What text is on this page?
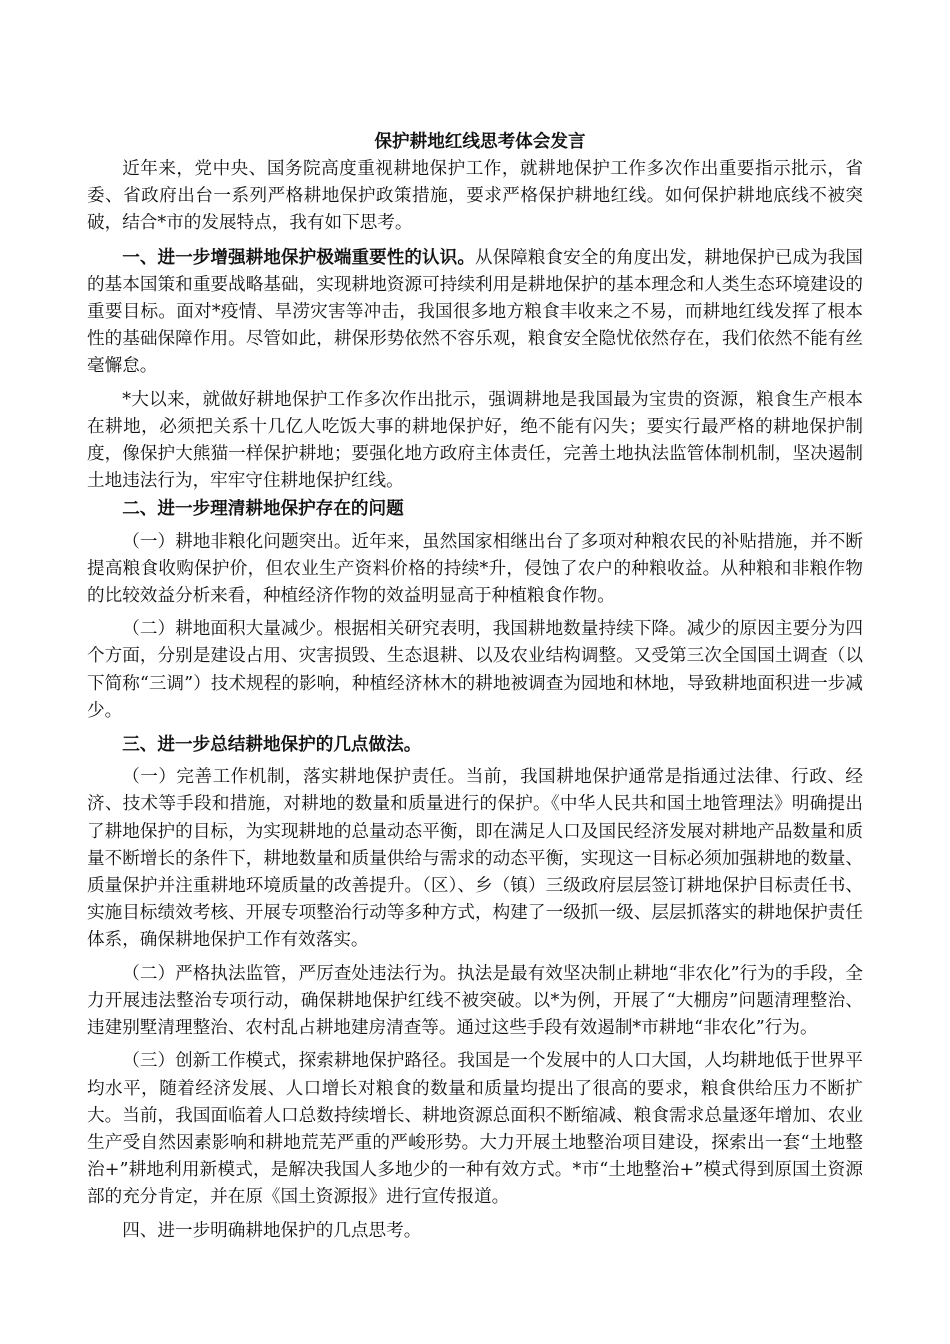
保护耕地红线思考体会发言

近年来，党中央、国务院高度重视耕地保护工作，就耕地保护工作多次作出重要指示批示，省委、省政府出台一系列严格耕地保护政策措施，要求严格保护耕地红线。如何保护耕地底线不被突破，结合*市的发展特点，我有如下思考。

一、进一步增强耕地保护极端重要性的认识。从保障粮食安全的角度出发，耕地保护已成为我国的基本国策和重要战略基础，实现耕地资源可持续利用是耕地保护的基本理念和人类生态环境建设的重要目标。面对*疫情、旱涝灾害等冲击，我国很多地方粮食丰收来之不易，而耕地红线发挥了根本性的基础保障作用。尽管如此，耕保形势依然不容乐观，粮食安全隐忧依然存在，我们依然不能有丝毫懈怠。

*大以来，就做好耕地保护工作多次作出批示，强调耕地是我国最为宝贵的资源，粮食生产根本在耕地，必须把关系十几亿人吃饭大事的耕地保护好，绝不能有闪失；要实行最严格的耕地保护制度，像保护大熊猫一样保护耕地；要强化地方政府主体责任，完善土地执法监管体制机制，坚决遏制土地违法行为，牢牢守住耕地保护红线。

二、进一步理清耕地保护存在的问题

（一）耕地非粮化问题突出。近年来，虽然国家相继出台了多项对种粮农民的补贴措施，并不断提高粮食收购保护价，但农业生产资料价格的持续*升，侵蚀了农户的种粮收益。从种粮和非粮作物的比较效益分析来看，种植经济作物的效益明显高于种植粮食作物。

（二）耕地面积大量减少。根据相关研究表明，我国耕地数量持续下降。减少的原因主要分为四个方面，分别是建设占用、灾害损毁、生态退耕、以及农业结构调整。又受第三次全国国土调查（以下简称“三调”）技术规程的影响，种植经济林木的耕地被调查为园地和林地，导致耕地面积进一步减少。

三、进一步总结耕地保护的几点做法。

（一）完善工作机制，落实耕地保护责任。当前，我国耕地保护通常是指通过法律、行政、经济、技术等手段和措施，对耕地的数量和质量进行的保护。《中华人民共和国土地管理法》明确提出了耕地保护的目标，为实现耕地的总量动态平衡，即在满足人口及国民经济发展对耕地产品数量和质量不断增长的条件下，耕地数量和质量供给与需求的动态平衡，实现这一目标必须加强耕地的数量、质量保护并注重耕地环境质量的改善提升。（区）、乡（镇）三级政府层层签订耕地保护目标责任书、实施目标绩效考核、开展专项整治行动等多种方式，构建了一级抓一级、层层抓落实的耕地保护责任体系，确保耕地保护工作有效落实。

（二）严格执法监管，严厉查处违法行为。执法是最有效坚决制止耕地“非农化”行为的手段，全力开展违法整治专项行动，确保耕地保护红线不被突破。以*为例，开展了“大棚房”问题清理整治、违建别墅清理整治、农村乱占耕地建房清查等。通过这些手段有效遏制*市耕地“非农化”行为。

（三）创新工作模式，探索耕地保护路径。我国是一个发展中的人口大国，人均耕地低于世界平均水平，随着经济发展、人口增长对粮食的数量和质量均提出了很高的要求，粮食供给压力不断扩大。当前，我国面临着人口总数持续增长、耕地资源总面积不断缩减、粮食需求总量逐年增加、农业生产受自然因素影响和耕地荒芜严重的严峻形势。大力开展土地整治项目建设，探索出一套“土地整治+”耕地利用新模式，是解决我国人多地少的一种有效方式。*市“土地整治+”模式得到原国土资源部的充分肯定，并在原《国土资源报》进行宣传报道。

四、进一步明确耕地保护的几点思考。
